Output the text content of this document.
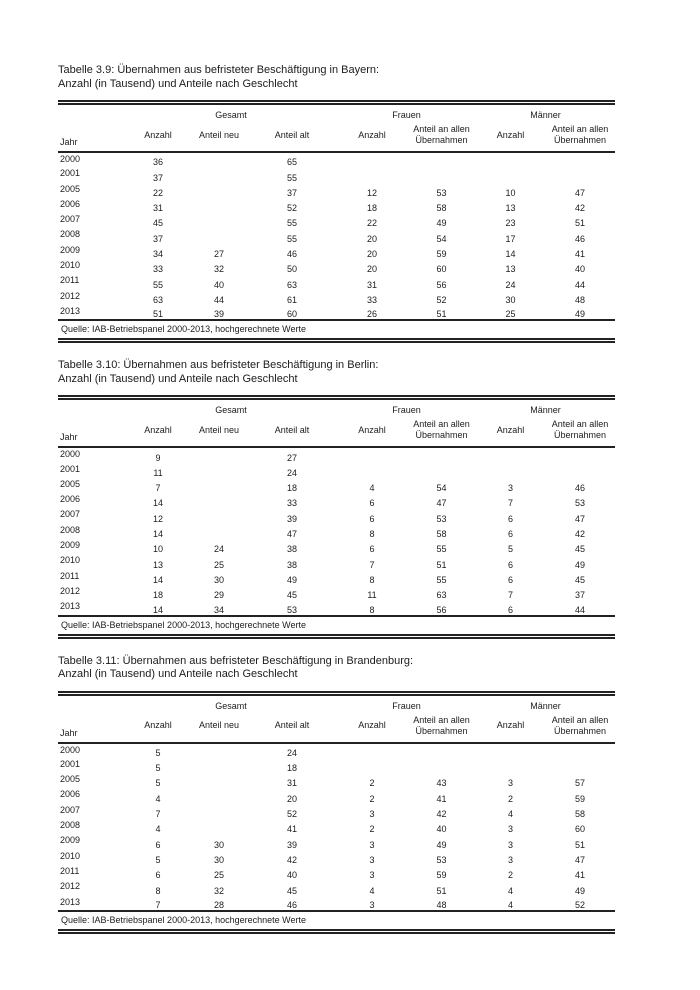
Tabelle 3.9: Übernahmen aus befristeter Beschäftigung in Bayern:
Anzahl (in Tausend) und Anteile nach Geschlecht
	Gesamt			Frauen		Männer	
Jahr	Anzahl	Anteil neu	Anteil alt	Anzahl	Anteil an allen Übernahmen	Anzahl	Anteil an allen Übernahmen
2000	36		65				
2001	37		55				
2005	22		37	12	53	10	47
2006	31		52	18	58	13	42
2007	45		55	22	49	23	51
2008	37		55	20	54	17	46
2009	34	27	46	20	59	14	41
2010	33	32	50	20	60	13	40
2011	55	40	63	31	56	24	44
2012	63	44	61	33	52	30	48
2013	51	39	60	26	51	25	49
Quelle: IAB-Betriebspanel 2000-2013, hochgerechnete Werte							
Tabelle 3.10: Übernahmen aus befristeter Beschäftigung in Berlin:
Anzahl (in Tausend) und Anteile nach Geschlecht
	Gesamt			Frauen		Männer	
Jahr	Anzahl	Anteil neu	Anteil alt	Anzahl	Anteil an allen Übernahmen	Anzahl	Anteil an allen Übernahmen
2000	9		27				
2001	11		24				
2005	7		18	4	54	3	46
2006	14		33	6	47	7	53
2007	12		39	6	53	6	47
2008	14		47	8	58	6	42
2009	10	24	38	6	55	5	45
2010	13	25	38	7	51	6	49
2011	14	30	49	8	55	6	45
2012	18	29	45	11	63	7	37
2013	14	34	53	8	56	6	44
Quelle: IAB-Betriebspanel 2000-2013, hochgerechnete Werte							
Tabelle 3.11: Übernahmen aus befristeter Beschäftigung in Brandenburg:
Anzahl (in Tausend) und Anteile nach Geschlecht
	Gesamt			Frauen		Männer	
Jahr	Anzahl	Anteil neu	Anteil alt	Anzahl	Anteil an allen Übernahmen	Anzahl	Anteil an allen Übernahmen
2000	5		24				
2001	5		18				
2005	5		31	2	43	3	57
2006	4		20	2	41	2	59
2007	7		52	3	42	4	58
2008	4		41	2	40	3	60
2009	6	30	39	3	49	3	51
2010	5	30	42	3	53	3	47
2011	6	25	40	3	59	2	41
2012	8	32	45	4	51	4	49
2013	7	28	46	3	48	4	52
Quelle: IAB-Betriebspanel 2000-2013, hochgerechnete Werte							
